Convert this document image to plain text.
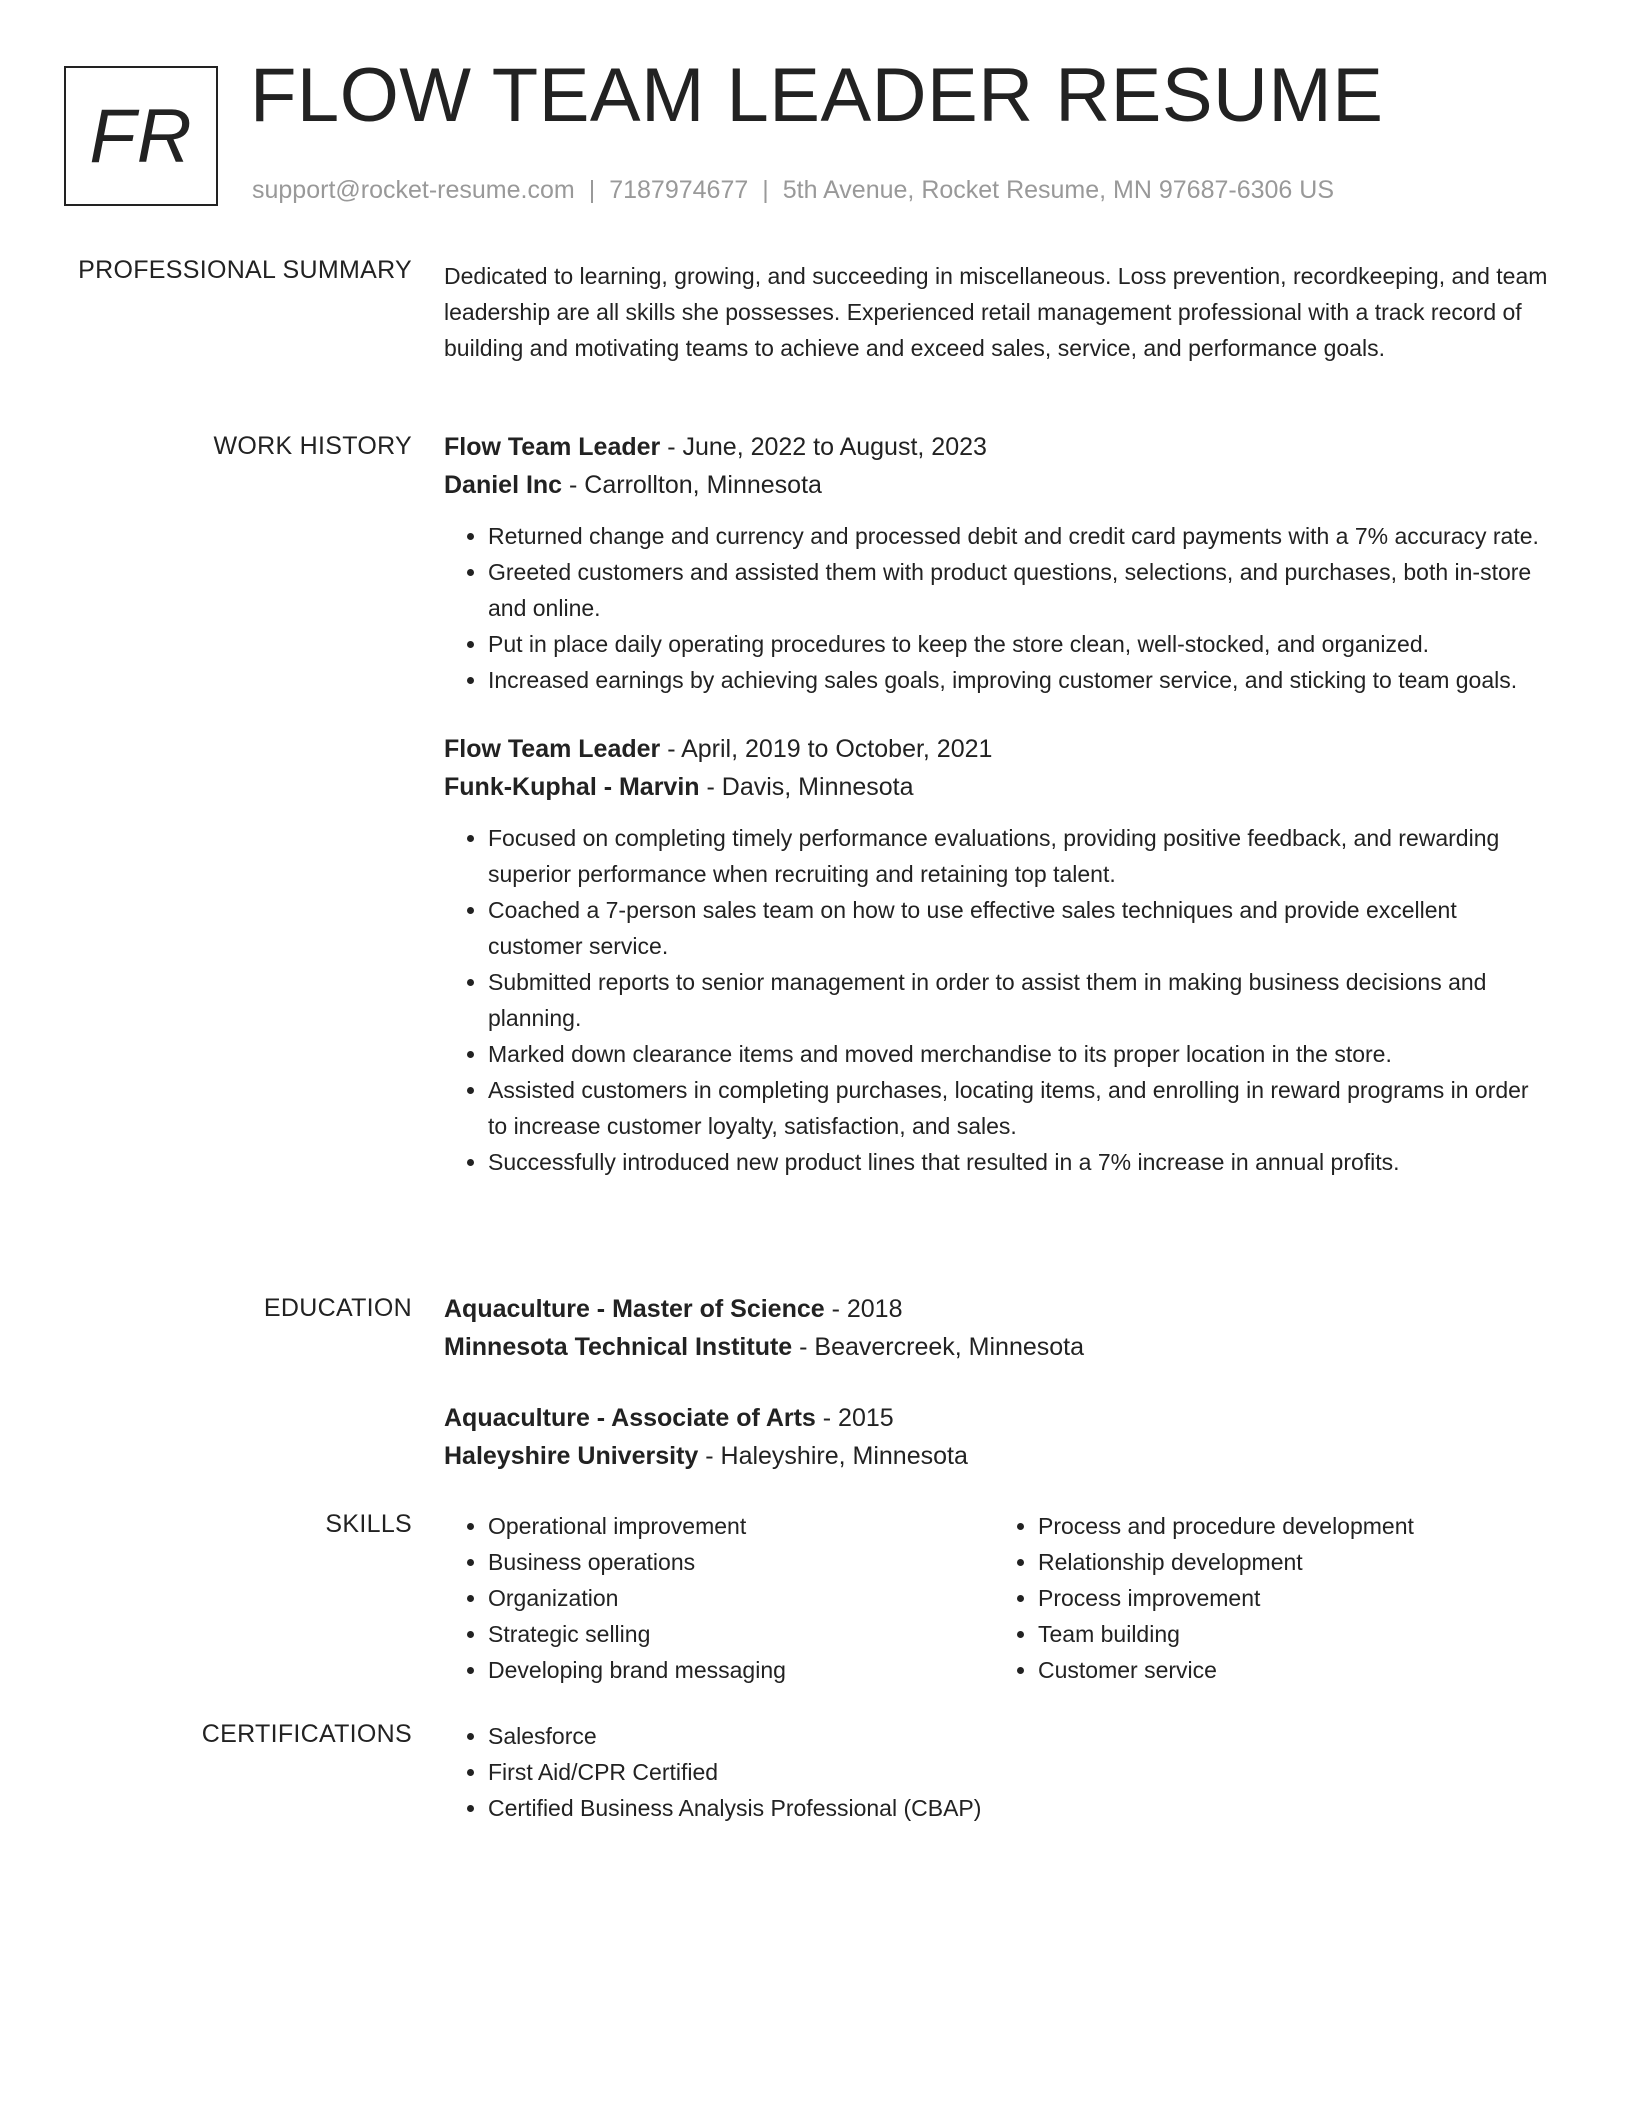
FR FLOW TEAM LEADER RESUME
support@rocket-resume.com | 7187974677 | 5th Avenue, Rocket Resume, MN 97687-6306 US
PROFESSIONAL SUMMARY Dedicated to learning, growing, and succeeding in miscellaneous. Loss prevention, recordkeeping, and team leadership are all skills she possesses. Experienced retail management professional with a track record of building and motivating teams to achieve and exceed sales, service, and performance goals.

WORK HISTORY Flow Team Leader - June, 2022 to August, 2023
Daniel Inc - Carrollton, Minnesota
• Returned change and currency and processed debit and credit card payments with a 7% accuracy rate.
• Greeted customers and assisted them with product questions, selections, and purchases, both in-store and online.
• Put in place daily operating procedures to keep the store clean, well-stocked, and organized.
• Increased earnings by achieving sales goals, improving customer service, and sticking to team goals.
Flow Team Leader - April, 2019 to October, 2021
Funk-Kuphal - Marvin - Davis, Minnesota
• Focused on completing timely performance evaluations, providing positive feedback, and rewarding superior performance when recruiting and retaining top talent.
• Coached a 7-person sales team on how to use effective sales techniques and provide excellent customer service.
• Submitted reports to senior management in order to assist them in making business decisions and planning.
• Marked down clearance items and moved merchandise to its proper location in the store.
• Assisted customers in completing purchases, locating items, and enrolling in reward programs in order to increase customer loyalty, satisfaction, and sales.
• Successfully introduced new product lines that resulted in a 7% increase in annual profits.
EDUCATION Aquaculture - Master of Science - 2018
Minnesota Technical Institute - Beavercreek, Minnesota
Aquaculture - Associate of Arts - 2015
Haleyshire University - Haleyshire, Minnesota
SKILLS	• Operational improvement
• Business operations
• Organization
• Strategic selling
• Developing brand messaging
• Process and procedure development
• Relationship development
• Process improvement
• Team building
• Customer service
CERTIFICATIONS	• Salesforce
• First Aid/CPR Certified
• Certified Business Analysis Professional (CBAP)
